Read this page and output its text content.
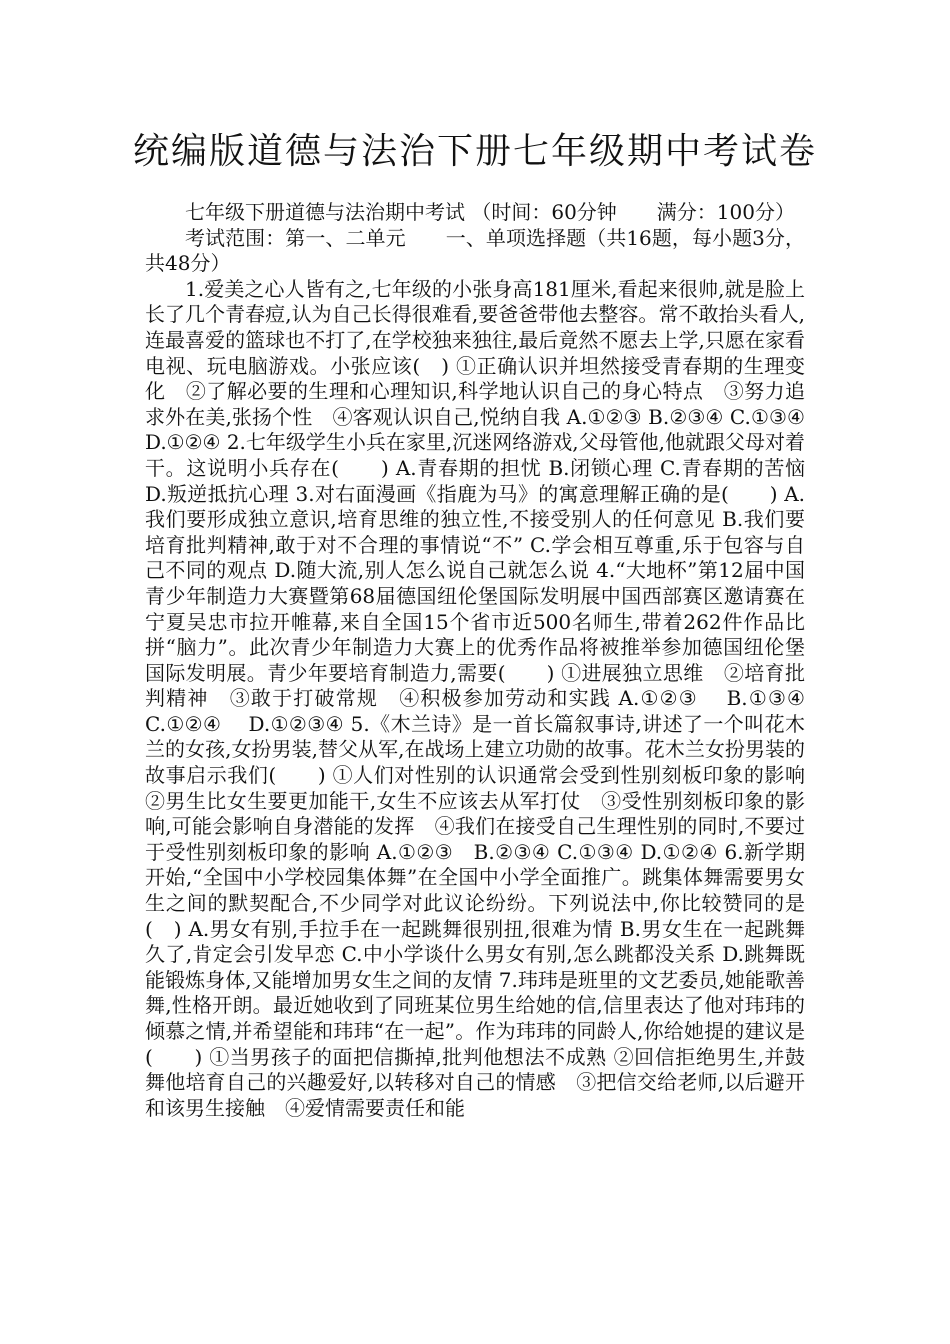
统编版道德与法治下册七年级期中考试卷

七年级下册道德与法治期中考试 （时间：60分钟　　满分：100分）

考试范围：第一、二单元　　一、单项选择题（共16题，每小题3分，共48分）

1.爱美之心人皆有之,七年级的小张身高181厘米,看起来很帅,就是脸上长了几个青春痘,认为自己长得很难看,要爸爸带他去整容。常不敢抬头看人,连最喜爱的篮球也不打了,在学校独来独往,最后竟然不愿去上学,只愿在家看电视、玩电脑游戏。小张应该(　) ①正确认识并坦然接受青春期的生理变化　②了解必要的生理和心理知识,科学地认识自己的身心特点　③努力追求外在美,张扬个性　④客观认识自己,悦纳自我 A.①②③ B.②③④ C.①③④ D.①②④ 2.七年级学生小兵在家里,沉迷网络游戏,父母管他,他就跟父母对着干。这说明小兵存在(　　) A.青春期的担忧 B.闭锁心理 C.青春期的苦恼 D.叛逆抵抗心理 3.对右面漫画《指鹿为马》的寓意理解正确的是(　　) A.我们要形成独立意识,培育思维的独立性,不接受别人的任何意见 B.我们要培育批判精神,敢于对不合理的事情说“不” C.学会相互尊重,乐于包容与自己不同的观点 D.随大流,别人怎么说自己就怎么说 4.“大地杯”第12届中国青少年制造力大赛暨第68届德国纽伦堡国际发明展中国西部赛区邀请赛在宁夏吴忠市拉开帷幕,来自全国15个省市近500名师生,带着262件作品比拼“脑力”。此次青少年制造力大赛上的优秀作品将被推举参加德国纽伦堡国际发明展。青少年要培育制造力,需要(　　) ①进展独立思维　②培育批判精神　③敢于打破常规　④积极参加劳动和实践 A.①②③　 B.①③④　　C.①②④　 D.①②③④ 5.《木兰诗》是一首长篇叙事诗,讲述了一个叫花木兰的女孩,女扮男装,替父从军,在战场上建立功勋的故事。花木兰女扮男装的故事启示我们(　　) ①人们对性别的认识通常会受到性别刻板印象的影响　②男生比女生要更加能干,女生不应该去从军打仗　③受性别刻板印象的影响,可能会影响自身潜能的发挥　④我们在接受自己生理性别的同时,不要过于受性别刻板印象的影响 A.①②③　B.②③④ C.①③④ D.①②④ 6.新学期开始,“全国中小学校园集体舞”在全国中小学全面推广。跳集体舞需要男女生之间的默契配合,不少同学对此议论纷纷。下列说法中,你比较赞同的是(　) A.男女有别,手拉手在一起跳舞很别扭,很难为情 B.男女生在一起跳舞久了,肯定会引发早恋 C.中小学谈什么男女有别,怎么跳都没关系 D.跳舞既能锻炼身体,又能增加男女生之间的友情 7.玮玮是班里的文艺委员,她能歌善舞,性格开朗。最近她收到了同班某位男生给她的信,信里表达了他对玮玮的倾慕之情,并希望能和玮玮“在一起”。作为玮玮的同龄人,你给她提的建议是(　　) ①当男孩子的面把信撕掉,批判他想法不成熟 ②回信拒绝男生,并鼓舞他培育自己的兴趣爱好,以转移对自己的情感　③把信交给老师,以后避开和该男生接触　④爱情需要责任和能
